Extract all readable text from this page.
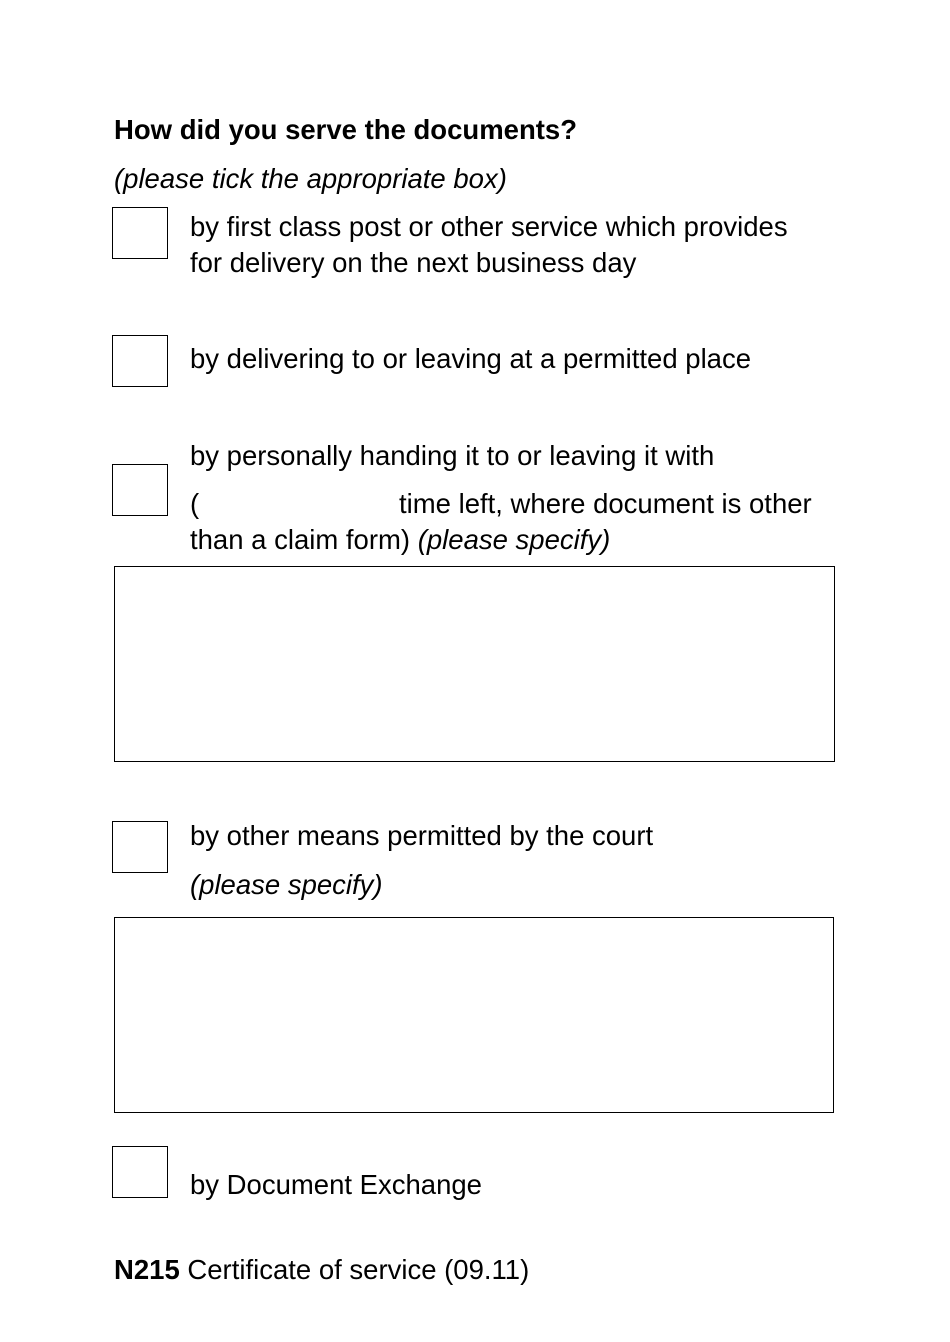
How did you serve the documents?
(please tick the appropriate box)
by first class post or other service which provides
for delivery on the next business day
by delivering to or leaving at a permitted place
by personally handing it to or leaving it with
(	time left, where document is other
than a claim form) (please specify)
by other means permitted by the court
(please specify)
by Document Exchange
N215 Certificate of service (09.11)
